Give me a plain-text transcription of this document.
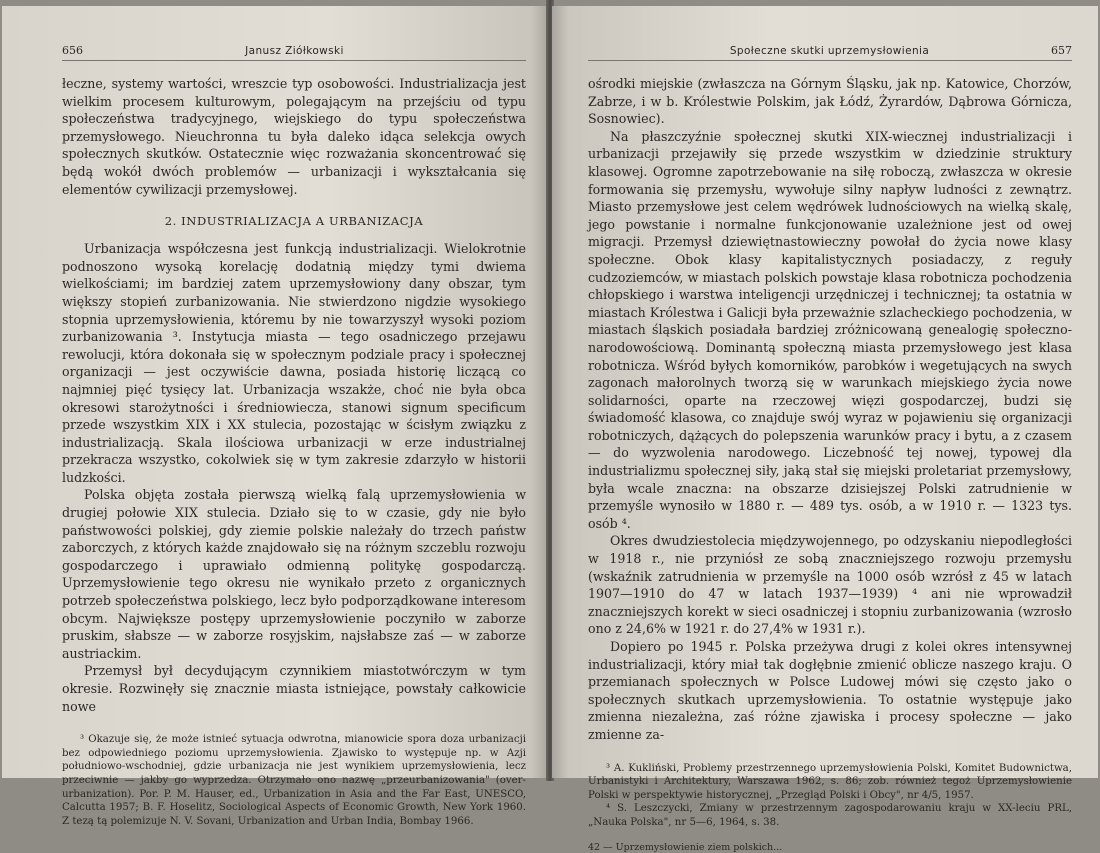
656	Janusz Ziółkowski

łeczne, systemy wartości, wreszcie typ osobowości. Industrializacja jest wielkim procesem kulturowym, polegającym na przejściu od typu społeczeństwa tradycyjnego, wiejskiego do typu społeczeństwa przemysłowego. Nieuchronna tu była daleko idąca selekcja owych społecznych skutków. Ostatecznie więc rozważania skoncentrować się będą wokół dwóch problemów — urbanizacji i wykształcania się elementów cywilizacji przemysłowej.

2. INDUSTRIALIZACJA A URBANIZACJA

Urbanizacja współczesna jest funkcją industrializacji. Wielokrotnie podnoszono wysoką korelację dodatnią między tymi dwiema wielkościami; im bardziej zatem uprzemysłowiony dany obszar, tym większy stopień zurbanizowania. Nie stwierdzono nigdzie wysokiego stopnia uprzemysłowienia, któremu by nie towarzyszył wysoki poziom zurbanizowania ³. Instytucja miasta — tego osadniczego przejawu rewolucji, która dokonała się w społecznym podziale pracy i społecznej organizacji — jest oczywiście dawna, posiada historię liczącą co najmniej pięć tysięcy lat. Urbanizacja wszakże, choć nie była obca okresowi starożytności i średniowiecza, stanowi signum specificum przede wszystkim XIX i XX stulecia, pozostając w ścisłym związku z industrializacją. Skala ilościowa urbanizacji w erze industrialnej przekracza wszystko, cokolwiek się w tym zakresie zdarzyło w historii ludzkości.

Polska objęta została pierwszą wielką falą uprzemysłowienia w drugiej połowie XIX stulecia. Działo się to w czasie, gdy nie było państwowości polskiej, gdy ziemie polskie należały do trzech państw zaborczych, z których każde znajdowało się na różnym szczeblu rozwoju gospodarczego i uprawiało odmienną politykę gospodarczą. Uprzemysłowienie tego okresu nie wynikało przeto z organicznych potrzeb społeczeństwa polskiego, lecz było podporządkowane interesom obcym. Największe postępy uprzemysłowienie poczyniło w zaborze pruskim, słabsze — w zaborze rosyjskim, najsłabsze zaś — w zaborze austriackim.

Przemysł był decydującym czynnikiem miastotwórczym w tym okresie. Rozwinęły się znacznie miasta istniejące, powstały całkowicie nowe

³ Okazuje się, że może istnieć sytuacja odwrotna, mianowicie spora doza urbanizacji bez odpowiedniego poziomu uprzemysłowienia. Zjawisko to występuje np. w Azji południowo-wschodniej, gdzie urbanizacja nie jest wynikiem uprzemysłowienia, lecz przeciwnie — jakby go wyprzedza. Otrzymało ono nazwę „przeurbanizowania" (over-urbanization). Por. P. M. Hauser, ed., Urbanization in Asia and the Far East, UNESCO, Calcutta 1957; B. F. Hoselitz, Sociological Aspects of Economic Growth, New York 1960. Z tezą tą polemizuje N. V. Sovani, Urbanization and Urban India, Bombay 1966.

Społeczne skutki uprzemysłowienia	657

ośrodki miejskie (zwłaszcza na Górnym Śląsku, jak np. Katowice, Chorzów, Zabrze, i w b. Królestwie Polskim, jak Łódź, Żyrardów, Dąbrowa Górnicza, Sosnowiec).

Na płaszczyźnie społecznej skutki XIX-wiecznej industrializacji i urbanizacji przejawiły się przede wszystkim w dziedzinie struktury klasowej. Ogromne zapotrzebowanie na siłę roboczą, zwłaszcza w okresie formowania się przemysłu, wywołuje silny napływ ludności z zewnątrz. Miasto przemysłowe jest celem wędrówek ludnościowych na wielką skalę, jego powstanie i normalne funkcjonowanie uzależnione jest od owej migracji. Przemysł dziewiętnastowieczny powołał do życia nowe klasy społeczne. Obok klasy kapitalistycznych posiadaczy, z reguły cudzoziemców, w miastach polskich powstaje klasa robotnicza pochodzenia chłopskiego i warstwa inteligencji urzędniczej i technicznej; ta ostatnia w miastach Królestwa i Galicji była przeważnie szlacheckiego pochodzenia, w miastach śląskich posiadała bardziej zróżnicowaną genealogię społeczno-narodowościową. Dominantą społeczną miasta przemysłowego jest klasa robotnicza. Wśród byłych komorników, parobków i wegetujących na swych zagonach małorolnych tworzą się w warunkach miejskiego życia nowe solidarności, oparte na rzeczowej więzi gospodarczej, budzi się świadomość klasowa, co znajduje swój wyraz w pojawieniu się organizacji robotniczych, dążących do polepszenia warunków pracy i bytu, a z czasem — do wyzwolenia narodowego. Liczebność tej nowej, typowej dla industrializmu społecznej siły, jaką stał się miejski proletariat przemysłowy, była wcale znaczna: na obszarze dzisiejszej Polski zatrudnienie w przemyśle wynosiło w 1880 r. — 489 tys. osób, a w 1910 r. — 1323 tys. osób ⁴.

Okres dwudziestolecia międzywojennego, po odzyskaniu niepodległości w 1918 r., nie przyniósł ze sobą znaczniejszego rozwoju przemysłu (wskaźnik zatrudnienia w przemyśle na 1000 osób wzrósł z 45 w latach 1907—1910 do 47 w latach 1937—1939) ⁴ ani nie wprowadził znaczniejszych korekt w sieci osadniczej i stopniu zurbanizowania (wzrosło ono z 24,6% w 1921 r. do 27,4% w 1931 r.).

Dopiero po 1945 r. Polska przeżywa drugi z kolei okres intensywnej industrializacji, który miał tak dogłębnie zmienić oblicze naszego kraju. O przemianach społecznych w Polsce Ludowej mówi się często jako o społecznych skutkach uprzemysłowienia. To ostatnie występuje jako zmienna niezależna, zaś różne zjawiska i procesy społeczne — jako zmienne za-

³ A. Kukliński, Problemy przestrzennego uprzemysłowienia Polski, Komitet Budownictwa, Urbanistyki i Architektury, Warszawa 1962, s. 86; zob. również tegoż Uprzemysłowienie Polski w perspektywie historycznej, „Przegląd Polski i Obcy", nr 4/5, 1957.

⁴ S. Leszczycki, Zmiany w przestrzennym zagospodarowaniu kraju w XX-leciu PRL, „Nauka Polska", nr 5—6, 1964, s. 38.

42 — Uprzemysłowienie ziem polskich...
